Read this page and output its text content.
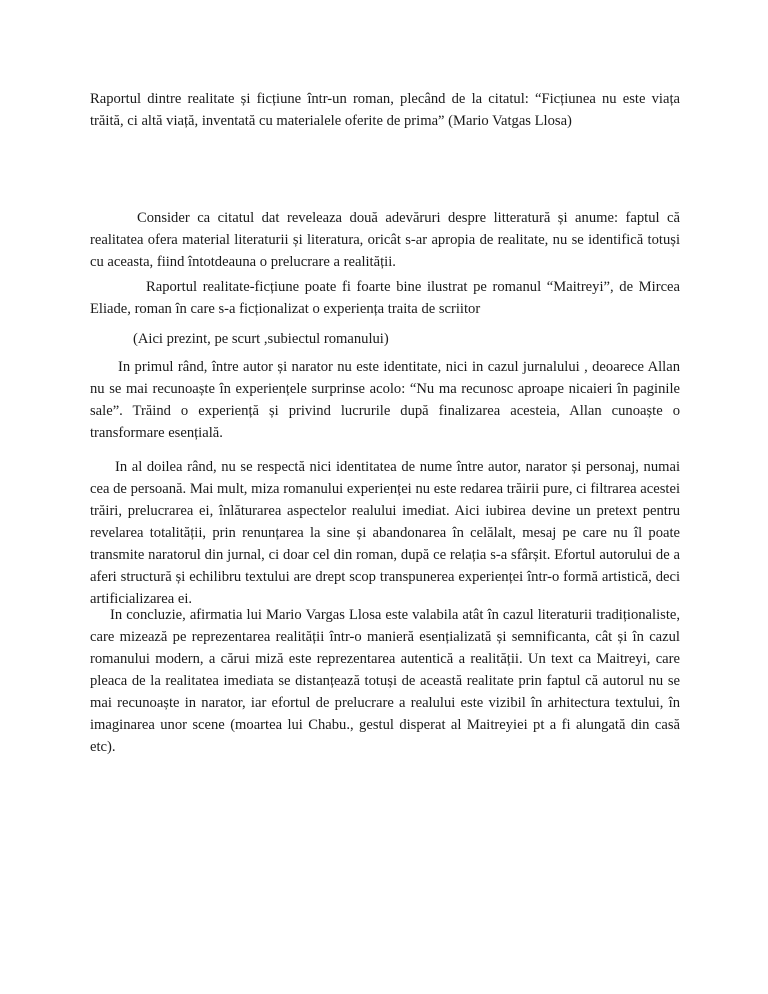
Raportul dintre realitate și ficțiune într-un roman, plecând de la citatul: “Ficțiunea nu este viața trăită, ci altă viață, inventată cu materialele oferite de prima” (Mario Vatgas Llosa)

Consider ca citatul dat reveleaza două adevăruri despre litteratură și anume: faptul că realitatea ofera material literaturii și literatura, oricât s-ar apropia de realitate, nu se identifică totuși cu aceasta, fiind întotdeauna o prelucrare a realității.

Raportul realitate-ficțiune poate fi foarte bine ilustrat pe romanul “Maitreyi”, de Mircea Eliade, roman în care s-a ficționalizat o experiența traita de scriitor

(Aici prezint, pe scurt ,subiectul romanului)

In primul rând, între autor și narator nu este identitate, nici in cazul jurnalului , deoarece Allan nu se mai recunoaște în experiențele surprinse acolo: “Nu ma recunosc aproape nicaieri în paginile sale”. Trăind o experiență și privind lucrurile după finalizarea acesteia, Allan cunoaște o transformare esențială.

In al doilea rând, nu se respectă nici identitatea de nume între autor, narator și personaj, numai cea de persoană. Mai mult, miza romanului experienței nu este redarea trăirii pure, ci filtrarea acestei trăiri, prelucrarea ei, înlăturarea aspectelor realului imediat. Aici iubirea devine un pretext pentru revelarea totalității, prin renunțarea la sine și abandonarea în celălalt, mesaj pe care nu îl poate transmite naratorul din jurnal, ci doar cel din roman, după ce relația s-a sfârșit. Efortul autorului de a aferi structură și echilibru textului are drept scop transpunerea experienței într-o formă artistică, deci artificializarea ei.

In concluzie, afirmatia lui Mario Vargas Llosa este valabila atât în cazul literaturii tradiționaliste, care mizează pe reprezentarea realității într-o manieră esențializată și semnificanta, cât și în cazul romanului modern, a cărui miză este reprezentarea autentică a realității. Un text ca Maitreyi, care pleaca de la realitatea imediata se distanțează totuși de această realitate prin faptul că autorul nu se mai recunoaște in narator, iar efortul de prelucrare a realului este vizibil în arhitectura textului, în imaginarea unor scene (moartea lui Chabu., gestul disperat al Maitreyiei pt a fi alungată din casă etc).
